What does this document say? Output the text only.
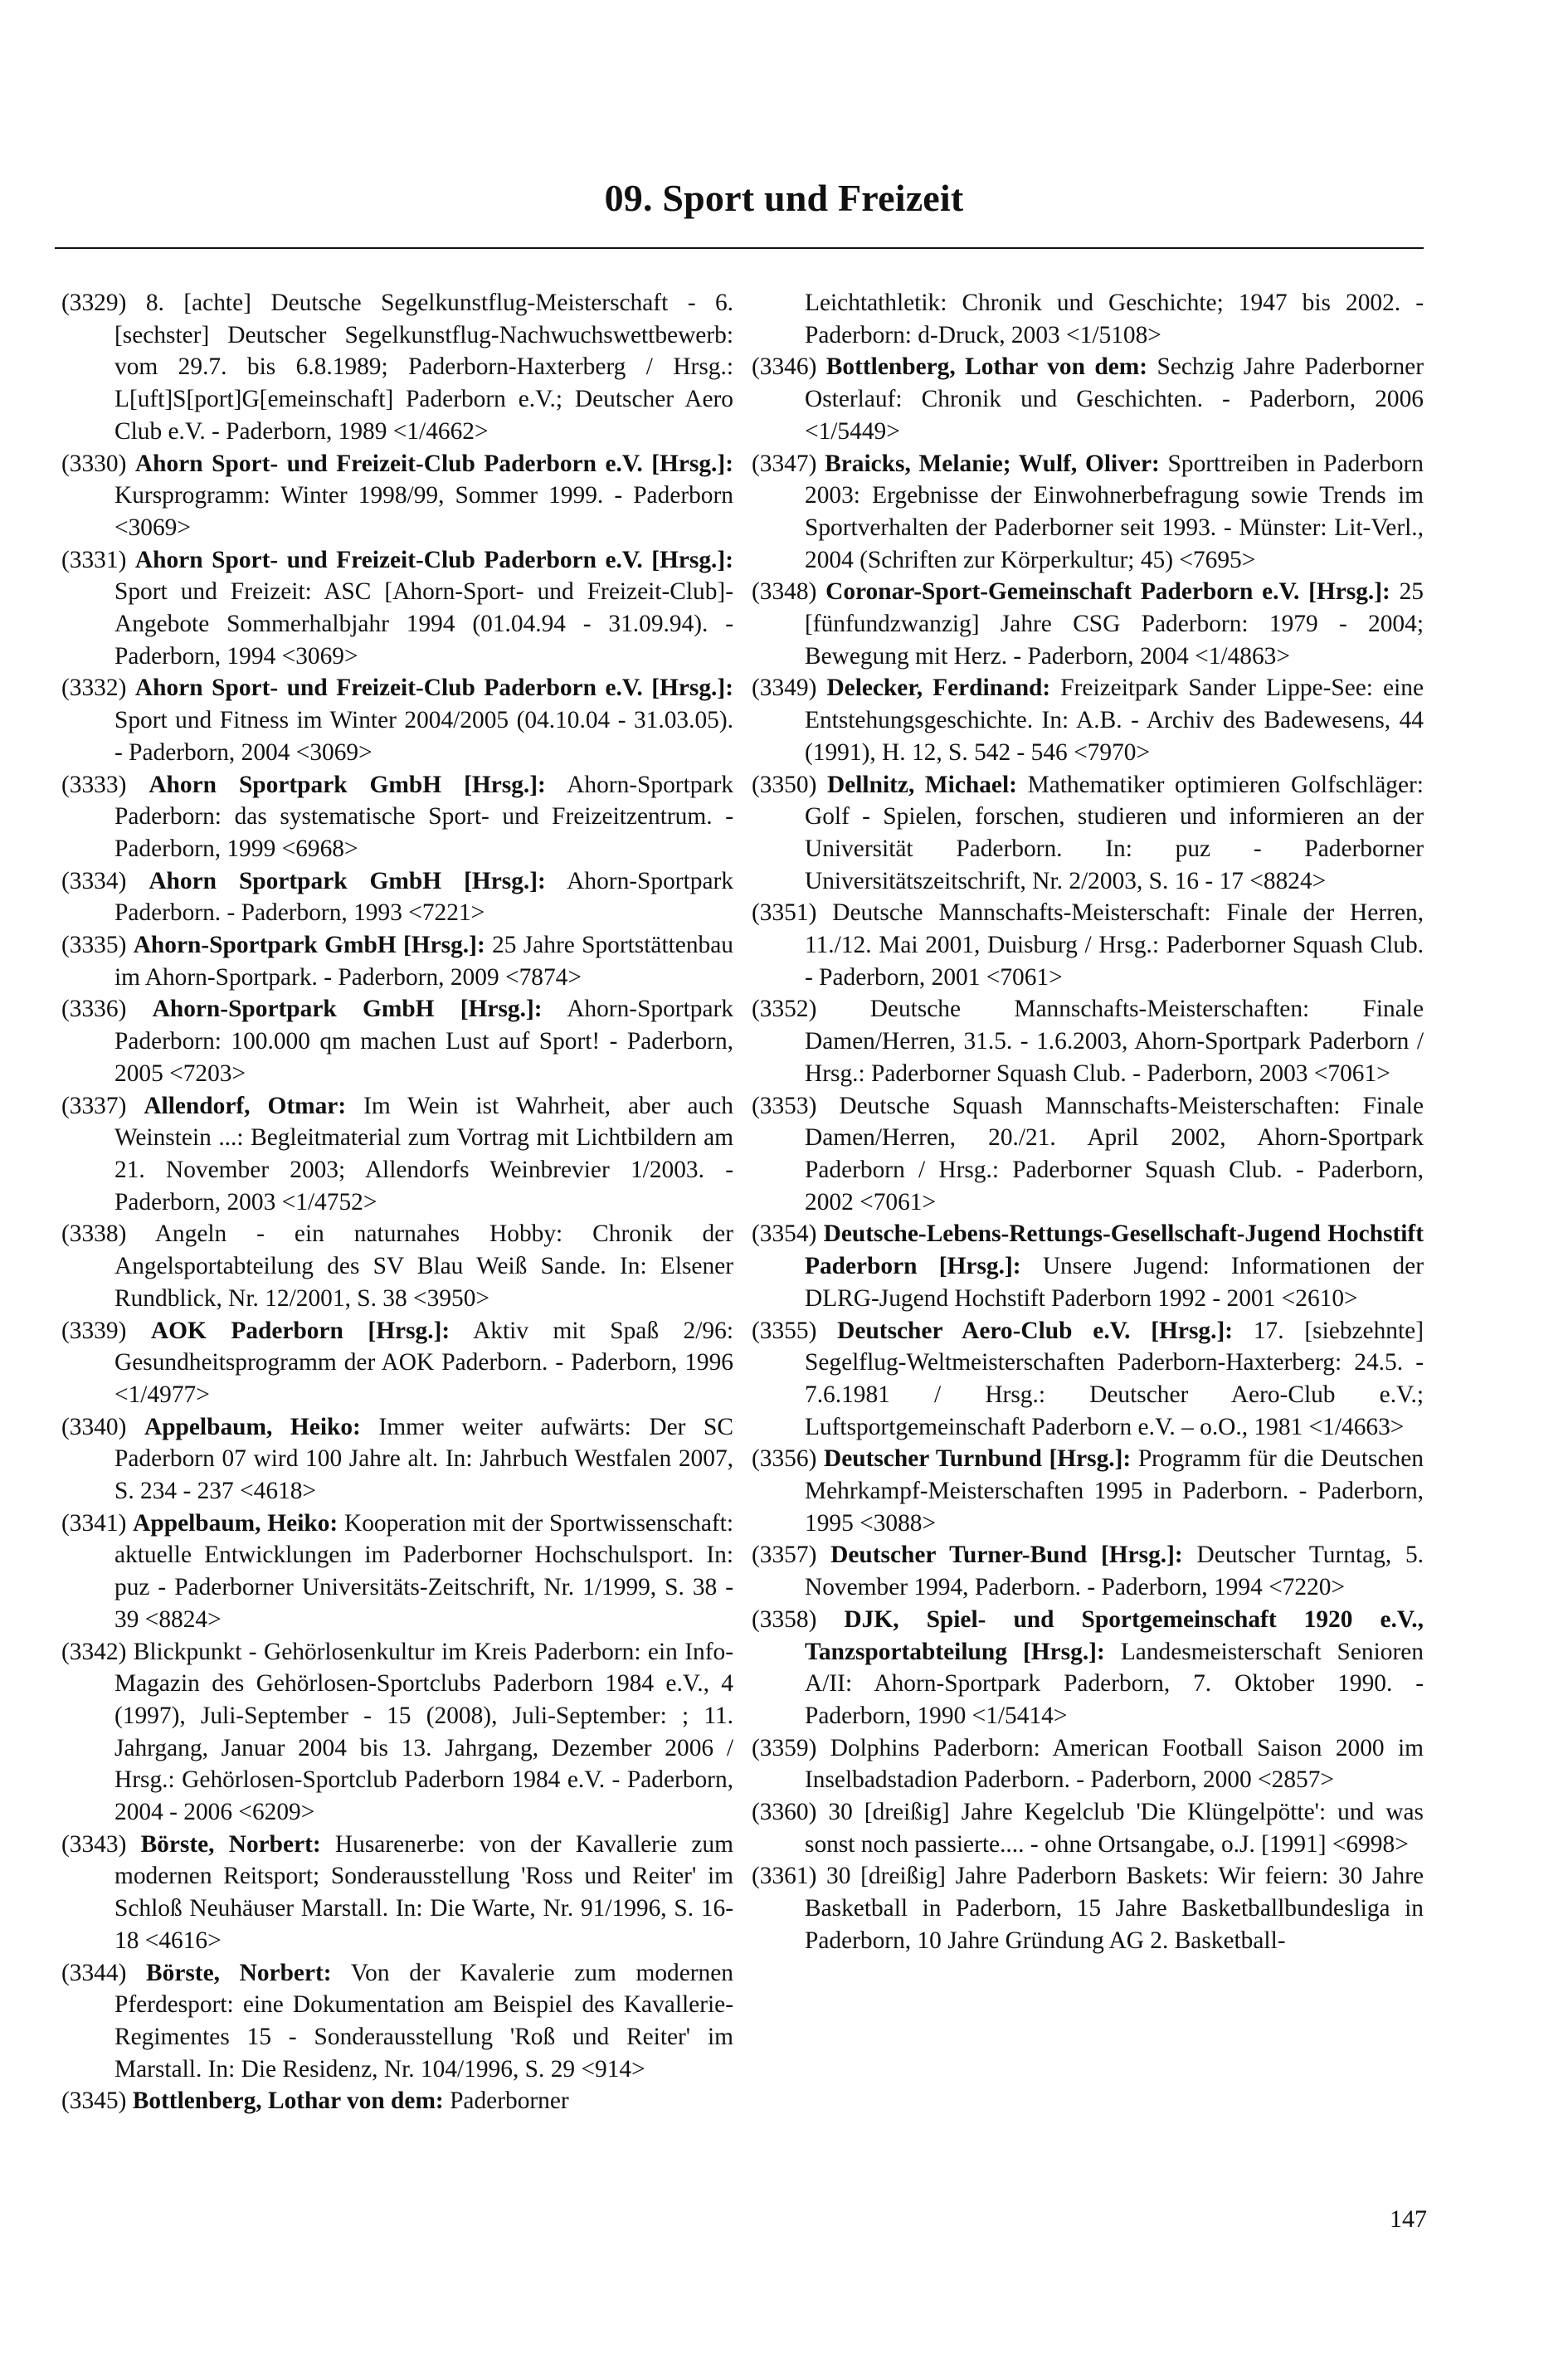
09. Sport und Freizeit

(3329) 8. [achte] Deutsche Segelkunstflug-Meisterschaft - 6. [sechster] Deutscher Segelkunstflug-Nachwuchswettbewerb: vom 29.7. bis 6.8.1989; Paderborn-Haxterberg / Hrsg.: L[uft]S[port]G[emeinschaft] Paderborn e.V.; Deutscher Aero Club e.V. - Paderborn, 1989 <1/4662>

(3330) Ahorn Sport- und Freizeit-Club Paderborn e.V. [Hrsg.]: Kursprogramm: Winter 1998/99, Sommer 1999. - Paderborn <3069>

(3331) Ahorn Sport- und Freizeit-Club Paderborn e.V. [Hrsg.]: Sport und Freizeit: ASC [Ahorn-Sport- und Freizeit-Club]-Angebote Sommerhalbjahr 1994 (01.04.94 - 31.09.94). - Paderborn, 1994 <3069>

(3332) Ahorn Sport- und Freizeit-Club Paderborn e.V. [Hrsg.]: Sport und Fitness im Winter 2004/2005 (04.10.04 - 31.03.05). - Paderborn, 2004 <3069>

(3333) Ahorn Sportpark GmbH [Hrsg.]: Ahorn-Sportpark Paderborn: das systematische Sport- und Freizeitzentrum. - Paderborn, 1999 <6968>

(3334) Ahorn Sportpark GmbH [Hrsg.]: Ahorn-Sportpark Paderborn. - Paderborn, 1993 <7221>

(3335) Ahorn-Sportpark GmbH [Hrsg.]: 25 Jahre Sportstättenbau im Ahorn-Sportpark. - Paderborn, 2009 <7874>

(3336) Ahorn-Sportpark GmbH [Hrsg.]: Ahorn-Sportpark Paderborn: 100.000 qm machen Lust auf Sport! - Paderborn, 2005 <7203>

(3337) Allendorf, Otmar: Im Wein ist Wahrheit, aber auch Weinstein ...: Begleitmaterial zum Vortrag mit Lichtbildern am 21. November 2003; Allendorfs Weinbrevier 1/2003. - Paderborn, 2003 <1/4752>

(3338) Angeln - ein naturnahes Hobby: Chronik der Angelsportabteilung des SV Blau Weiß Sande. In: Elsener Rundblick, Nr. 12/2001, S. 38 <3950>

(3339) AOK Paderborn [Hrsg.]: Aktiv mit Spaß 2/96: Gesundheitsprogramm der AOK Paderborn. - Paderborn, 1996 <1/4977>

(3340) Appelbaum, Heiko: Immer weiter aufwärts: Der SC Paderborn 07 wird 100 Jahre alt. In: Jahrbuch Westfalen 2007, S. 234 - 237 <4618>

(3341) Appelbaum, Heiko: Kooperation mit der Sportwissenschaft: aktuelle Entwicklungen im Paderborner Hochschulsport. In: puz - Paderborner Universitäts-Zeitschrift, Nr. 1/1999, S. 38 - 39 <8824>

(3342) Blickpunkt - Gehörlosenkultur im Kreis Paderborn: ein Info-Magazin des Gehörlosen-Sportclubs Paderborn 1984 e.V., 4 (1997), Juli-September - 15 (2008), Juli-September: ; 11. Jahrgang, Januar 2004 bis 13. Jahrgang, Dezember 2006 / Hrsg.: Gehörlosen-Sportclub Paderborn 1984 e.V. - Paderborn, 2004 - 2006 <6209>

(3343) Börste, Norbert: Husarenerbe: von der Kavallerie zum modernen Reitsport; Sonderausstellung 'Ross und Reiter' im Schloß Neuhäuser Marstall. In: Die Warte, Nr. 91/1996, S. 16-18 <4616>

(3344) Börste, Norbert: Von der Kavalerie zum modernen Pferdesport: eine Dokumentation am Beispiel des Kavallerie-Regimentes 15 - Sonderausstellung 'Roß und Reiter' im Marstall. In: Die Residenz, Nr. 104/1996, S. 29 <914>

(3345) Bottlenberg, Lothar von dem: Paderborner

Leichtathletik: Chronik und Geschichte; 1947 bis 2002. - Paderborn: d-Druck, 2003 <1/5108>

(3346) Bottlenberg, Lothar von dem: Sechzig Jahre Paderborner Osterlauf: Chronik und Geschichten. - Paderborn, 2006 <1/5449>

(3347) Braicks, Melanie; Wulf, Oliver: Sporttreiben in Paderborn 2003: Ergebnisse der Einwohnerbefragung sowie Trends im Sportverhalten der Paderborner seit 1993. - Münster: Lit-Verl., 2004 (Schriften zur Körperkultur; 45) <7695>

(3348) Coronar-Sport-Gemeinschaft Paderborn e.V. [Hrsg.]: 25 [fünfundzwanzig] Jahre CSG Paderborn: 1979 - 2004; Bewegung mit Herz. - Paderborn, 2004 <1/4863>

(3349) Delecker, Ferdinand: Freizeitpark Sander Lippe-See: eine Entstehungsgeschichte. In: A.B. - Archiv des Badewesens, 44 (1991), H. 12, S. 542 - 546 <7970>

(3350) Dellnitz, Michael: Mathematiker optimieren Golfschläger: Golf - Spielen, forschen, studieren und informieren an der Universität Paderborn. In: puz - Paderborner Universitätszeitschrift, Nr. 2/2003, S. 16 - 17 <8824>

(3351) Deutsche Mannschafts-Meisterschaft: Finale der Herren, 11./12. Mai 2001, Duisburg / Hrsg.: Paderborner Squash Club. - Paderborn, 2001 <7061>

(3352) Deutsche Mannschafts-Meisterschaften: Finale Damen/Herren, 31.5. - 1.6.2003, Ahorn-Sportpark Paderborn / Hrsg.: Paderborner Squash Club. - Paderborn, 2003 <7061>

(3353) Deutsche Squash Mannschafts-Meisterschaften: Finale Damen/Herren, 20./21. April 2002, Ahorn-Sportpark Paderborn / Hrsg.: Paderborner Squash Club. - Paderborn, 2002 <7061>

(3354) Deutsche-Lebens-Rettungs-Gesellschaft-Jugend Hochstift Paderborn [Hrsg.]: Unsere Jugend: Informationen der DLRG-Jugend Hochstift Paderborn 1992 - 2001 <2610>

(3355) Deutscher Aero-Club e.V. [Hrsg.]: 17. [siebzehnte] Segelflug-Weltmeisterschaften Paderborn-Haxterberg: 24.5. - 7.6.1981 / Hrsg.: Deutscher Aero-Club e.V.; Luftsportgemeinschaft Paderborn e.V. – o.O., 1981 <1/4663>

(3356) Deutscher Turnbund [Hrsg.]: Programm für die Deutschen Mehrkampf-Meisterschaften 1995 in Paderborn. - Paderborn, 1995 <3088>

(3357) Deutscher Turner-Bund [Hrsg.]: Deutscher Turntag, 5. November 1994, Paderborn. - Paderborn, 1994 <7220>

(3358) DJK, Spiel- und Sportgemeinschaft 1920 e.V., Tanzsportabteilung [Hrsg.]: Landesmeisterschaft Senioren A/II: Ahorn-Sportpark Paderborn, 7. Oktober 1990. - Paderborn, 1990 <1/5414>

(3359) Dolphins Paderborn: American Football Saison 2000 im Inselbadstadion Paderborn. - Paderborn, 2000 <2857>

(3360) 30 [dreißig] Jahre Kegelclub 'Die Klüngelpötte': und was sonst noch passierte.... - ohne Ortsangabe, o.J. [1991] <6998>

(3361) 30 [dreißig] Jahre Paderborn Baskets: Wir feiern: 30 Jahre Basketball in Paderborn, 15 Jahre Basketballbundesliga in Paderborn, 10 Jahre Gründung AG 2. Basketball-

147
